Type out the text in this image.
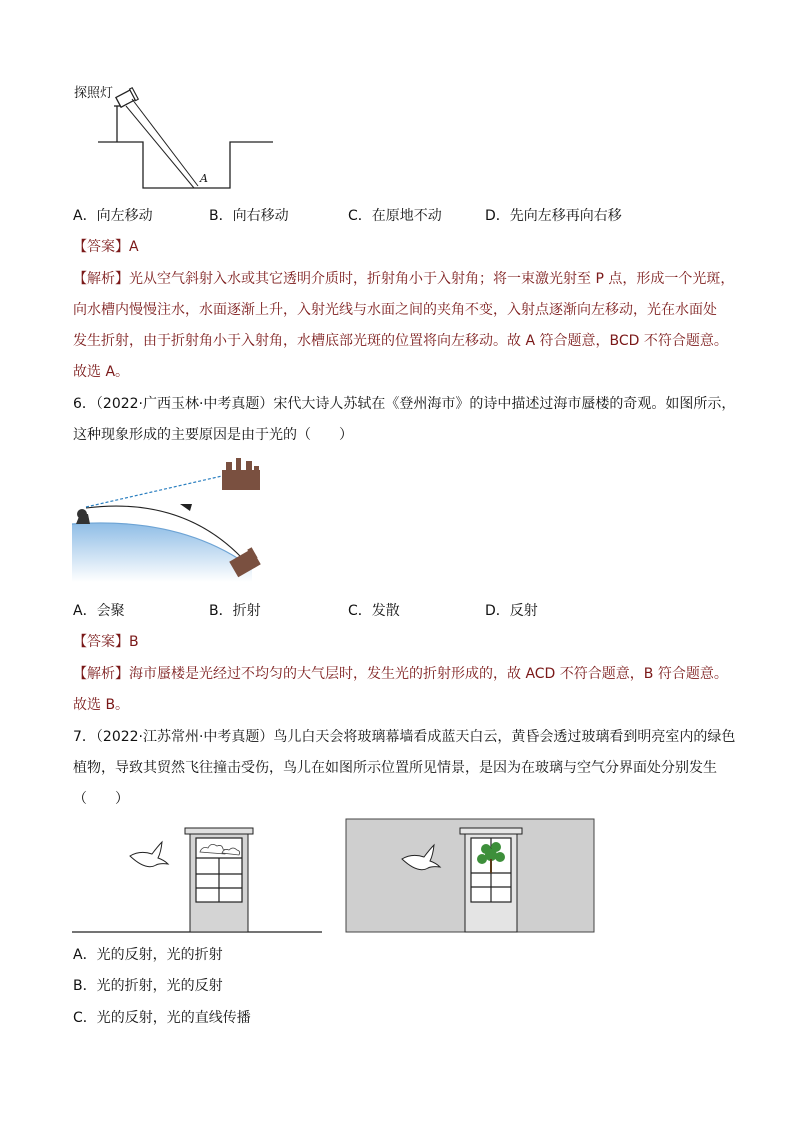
探照灯
A
A．向左移动	B．向右移动	C．在原地不动	D．先向左移再向右移
【答案】A
【解析】光从空气斜射入水或其它透明介质时，折射角小于入射角；将一束激光射至 P 点，形成一个光斑，
向水槽内慢慢注水，水面逐渐上升，入射光线与水面之间的夹角不变，入射点逐渐向左移动，光在水面处
发生折射，由于折射角小于入射角，水槽底部光斑的位置将向左移动。故 A 符合题意，BCD 不符合题意。
故选 A。
6．（2022·广西玉林·中考真题）宋代大诗人苏轼在《登州海市》的诗中描述过海市蜃楼的奇观。如图所示，
这种现象形成的主要原因是由于光的（　　）
A．会聚	B．折射	C．发散	D．反射
【答案】B
【解析】海市蜃楼是光经过不均匀的大气层时，发生光的折射形成的，故 ACD 不符合题意，B 符合题意。
故选 B。
7．（2022·江苏常州·中考真题）鸟儿白天会将玻璃幕墙看成蓝天白云，黄昏会透过玻璃看到明亮室内的绿色
植物，导致其贸然飞往撞击受伤，鸟儿在如图所示位置所见情景，是因为在玻璃与空气分界面处分别发生
（　　）
A．光的反射，光的折射
B．光的折射，光的反射
C．光的反射，光的直线传播
